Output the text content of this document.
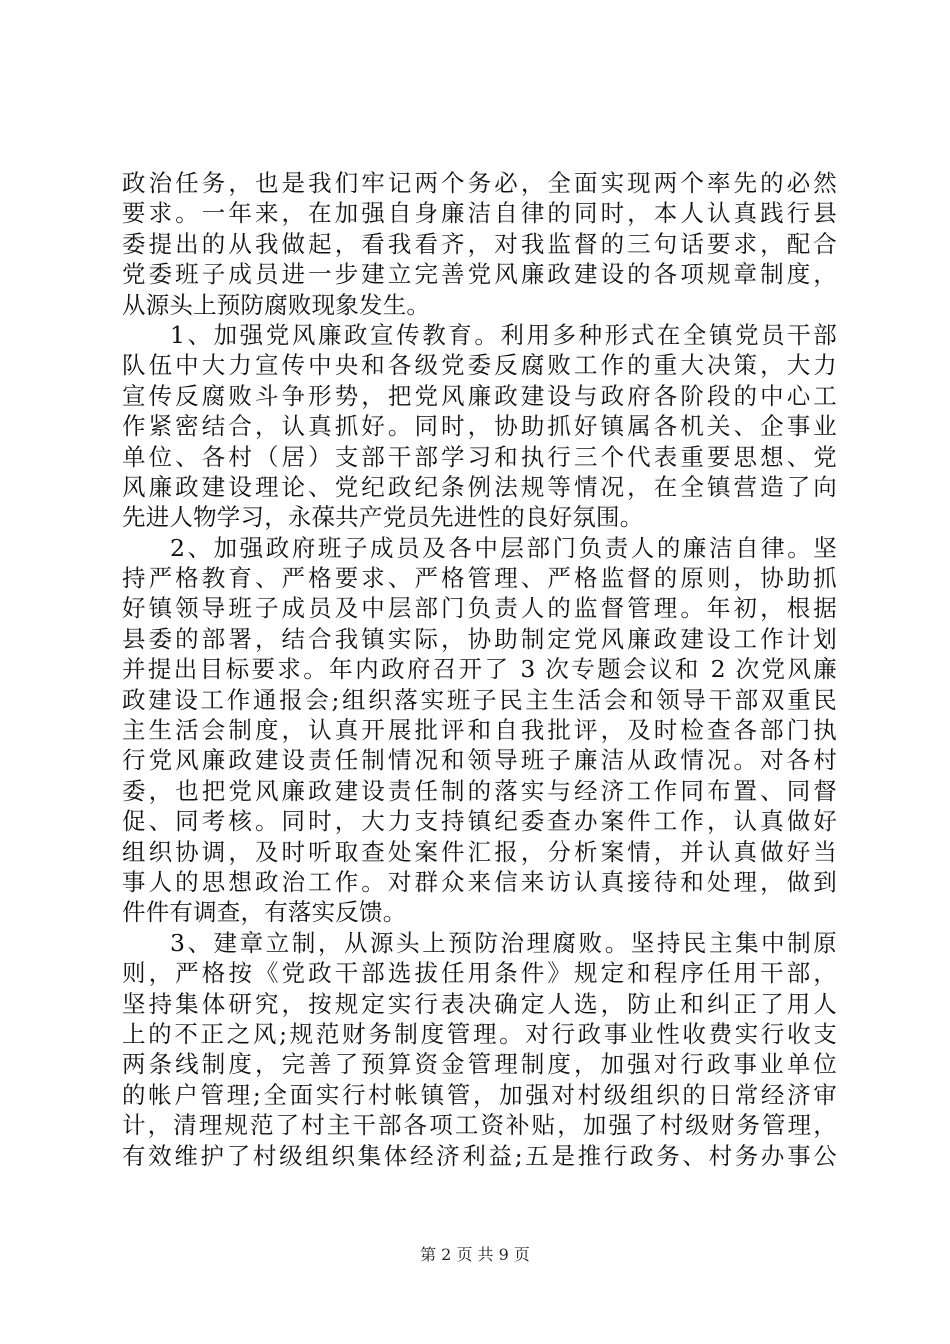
政治任务，也是我们牢记两个务必，全面实现两个率先的必然
要求。一年来，在加强自身廉洁自律的同时，本人认真践行县
委提出的从我做起，看我看齐，对我监督的三句话要求，配合
党委班子成员进一步建立完善党风廉政建设的各项规章制度，
从源头上预防腐败现象发生。
1、加强党风廉政宣传教育。利用多种形式在全镇党员干部
队伍中大力宣传中央和各级党委反腐败工作的重大决策，大力
宣传反腐败斗争形势，把党风廉政建设与政府各阶段的中心工
作紧密结合，认真抓好。同时，协助抓好镇属各机关、企事业
单位、各村（居）支部干部学习和执行三个代表重要思想、党
风廉政建设理论、党纪政纪条例法规等情况，在全镇营造了向
先进人物学习，永葆共产党员先进性的良好氛围。
2、加强政府班子成员及各中层部门负责人的廉洁自律。坚
持严格教育、严格要求、严格管理、严格监督的原则，协助抓
好镇领导班子成员及中层部门负责人的监督管理。年初，根据
县委的部署，结合我镇实际，协助制定党风廉政建设工作计划
并提出目标要求。年内政府召开了 3 次专题会议和 2 次党风廉
政建设工作通报会;组织落实班子民主生活会和领导干部双重民
主生活会制度，认真开展批评和自我批评，及时检查各部门执
行党风廉政建设责任制情况和领导班子廉洁从政情况。对各村
委，也把党风廉政建设责任制的落实与经济工作同布置、同督
促、同考核。同时，大力支持镇纪委查办案件工作，认真做好
组织协调，及时听取查处案件汇报，分析案情，并认真做好当
事人的思想政治工作。对群众来信来访认真接待和处理，做到
件件有调查，有落实反馈。
3、建章立制，从源头上预防治理腐败。坚持民主集中制原
则，严格按《党政干部选拔任用条件》规定和程序任用干部，
坚持集体研究，按规定实行表决确定人选，防止和纠正了用人
上的不正之风;规范财务制度管理。对行政事业性收费实行收支
两条线制度，完善了预算资金管理制度，加强对行政事业单位
的帐户管理;全面实行村帐镇管，加强对村级组织的日常经济审
计，清理规范了村主干部各项工资补贴，加强了村级财务管理，
有效维护了村级组织集体经济利益;五是推行政务、村务办事公
第 2 页 共 9 页
